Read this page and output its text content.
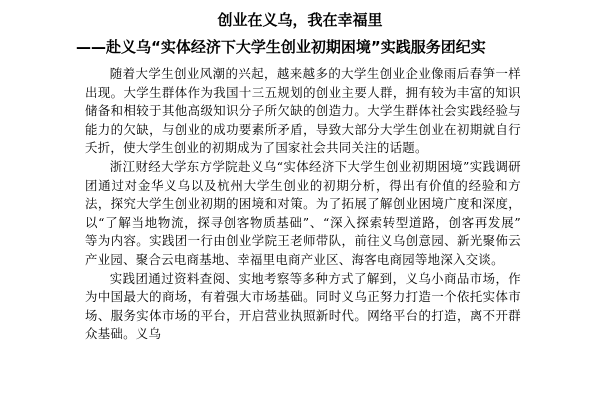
创业在义乌，我在幸福里
——赴义乌“实体经济下大学生创业初期困境”实践服务团纪实

随着大学生创业风潮的兴起，越来越多的大学生创业企业像雨后春笋一样出现。大学生群体作为我国十三五规划的创业主要人群，拥有较为丰富的知识储备和相较于其他高级知识分子所欠缺的创造力。大学生群体社会实践经验与能力的欠缺，与创业的成功要素所矛盾，导致大部分大学生创业在初期就自行夭折，使大学生创业的初期成为了国家社会共同关注的话题。

浙江财经大学东方学院赴义乌“实体经济下大学生创业初期困境”实践调研团通过对金华义乌以及杭州大学生创业的初期分析，得出有价值的经验和方法，探究大学生创业初期的困境和对策。为了拓展了解创业困境广度和深度，以“了解当地物流，探寻创客物质基础”、“深入探索转型道路，创客再发展” 等为内容。实践团一行由创业学院王老师带队，前往义乌创意园、新光聚佈云产业园、聚合云电商基地、幸福里电商产业区、海客电商园等地深入交谈。

实践团通过资料查阅、实地考察等多种方式了解到，义乌小商品市场，作为中国最大的商场，有着强大市场基础。同时义乌正努力打造一个依托实体市场、服务实体市场的平台，开启营业执照新时代。网络平台的打造，离不开群众基础。义乌
